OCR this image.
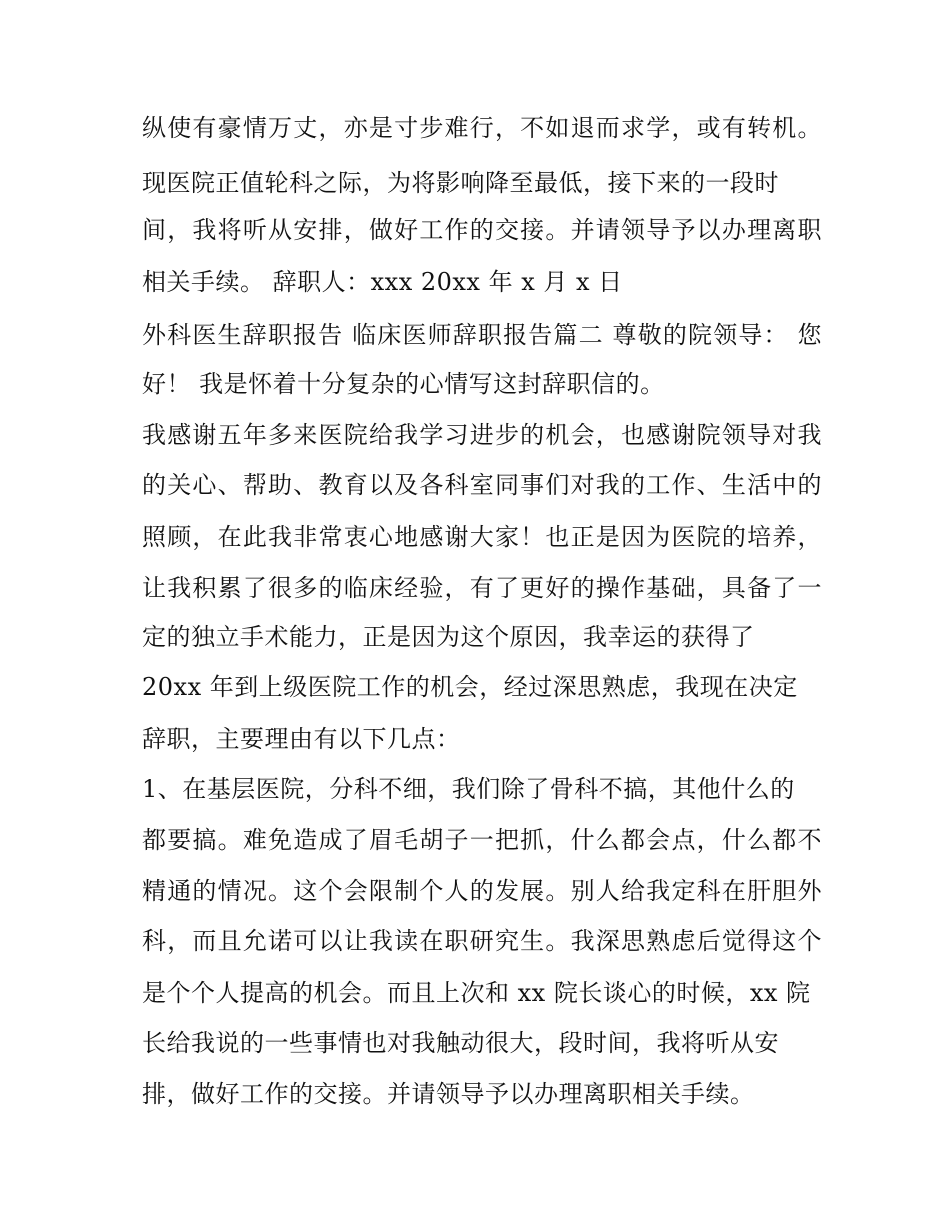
纵使有豪情万丈，亦是寸步难行，不如退而求学，或有转机。
现医院正值轮科之际，为将影响降至最低，接下来的一段时
间，我将听从安排，做好工作的交接。并请领导予以办理离职
相关手续。 辞职人：xxx 20xx 年 x 月 x 日
外科医生辞职报告 临床医师辞职报告篇二 尊敬的院领导： 您
好！ 我是怀着十分复杂的心情写这封辞职信的。
我感谢五年多来医院给我学习进步的机会，也感谢院领导对我
的关心、帮助、教育以及各科室同事们对我的工作、生活中的
照顾，在此我非常衷心地感谢大家！也正是因为医院的培养，
让我积累了很多的临床经验，有了更好的操作基础，具备了一
定的独立手术能力，正是因为这个原因，我幸运的获得了
20xx 年到上级医院工作的机会，经过深思熟虑，我现在决定
辞职，主要理由有以下几点：
1、在基层医院，分科不细，我们除了骨科不搞，其他什么的
都要搞。难免造成了眉毛胡子一把抓，什么都会点，什么都不
精通的情况。这个会限制个人的发展。别人给我定科在肝胆外
科，而且允诺可以让我读在职研究生。我深思熟虑后觉得这个
是个个人提高的机会。而且上次和 xx 院长谈心的时候，xx 院
长给我说的一些事情也对我触动很大，段时间，我将听从安
排，做好工作的交接。并请领导予以办理离职相关手续。
